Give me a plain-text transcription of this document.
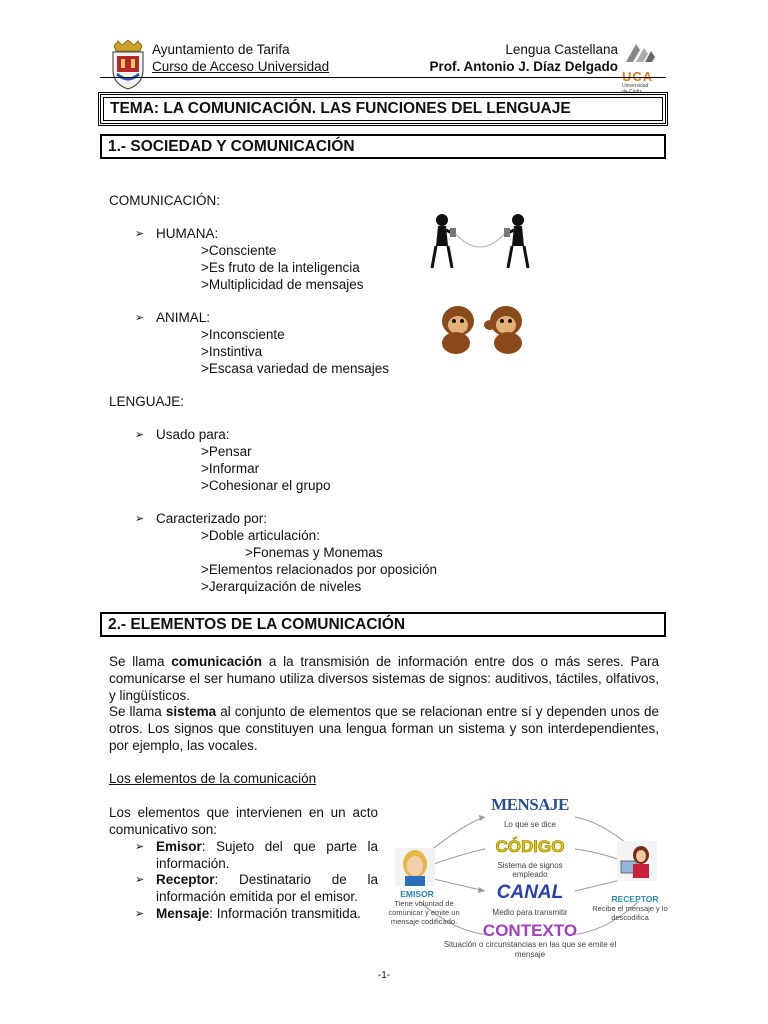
Ayuntamiento de Tarifa
Curso de Acceso Universidad
Lengua Castellana
Prof. Antonio J. Díaz Delgado
UCA
Universidad
de Cádiz
TEMA: LA COMUNICACIÓN. LAS FUNCIONES DEL LENGUAJE
1.- SOCIEDAD Y COMUNICACIÓN
COMUNICACIÓN:
➢ HUMANA:
>Consciente
>Es fruto de la inteligencia
>Multiplicidad de mensajes
➢ ANIMAL:
>Inconsciente
>Instintiva
>Escasa variedad de mensajes
LENGUAJE:
➢ Usado para:
>Pensar
>Informar
>Cohesionar el grupo
➢ Caracterizado por:
>Doble articulación:
>Fonemas y Monemas
>Elementos relacionados por oposición
>Jerarquización de niveles
2.- ELEMENTOS DE LA COMUNICACIÓN
Se llama comunicación a la transmisión de información entre dos o más seres. Para comunicarse el ser humano utiliza diversos sistemas de signos: auditivos, táctiles, olfativos, y lingüísticos.
Se llama sistema al conjunto de elementos que se relacionan entre sí y dependen unos de otros. Los signos que constituyen una lengua forman un sistema y son interdependientes, por ejemplo, las vocales.
Los elementos de la comunicación
Los elementos que intervienen en un acto comunicativo son:
➢ Emisor: Sujeto del que parte la información.
➢ Receptor: Destinatario de la información emitida por el emisor.
➢ Mensaje: Información transmitida.
MENSAJE
Lo que se dice
CÓDIGO
Sistema de signos
empleado
CANAL
Medio para transmitir
CONTEXTO
Situación o circunstancias en las que se emite el
mensaje
EMISOR
Tiene voluntad de
comunicar y emite un
mensaje codificado.
RECEPTOR
Recibe el mensaje y lo
descodifica
-1-
